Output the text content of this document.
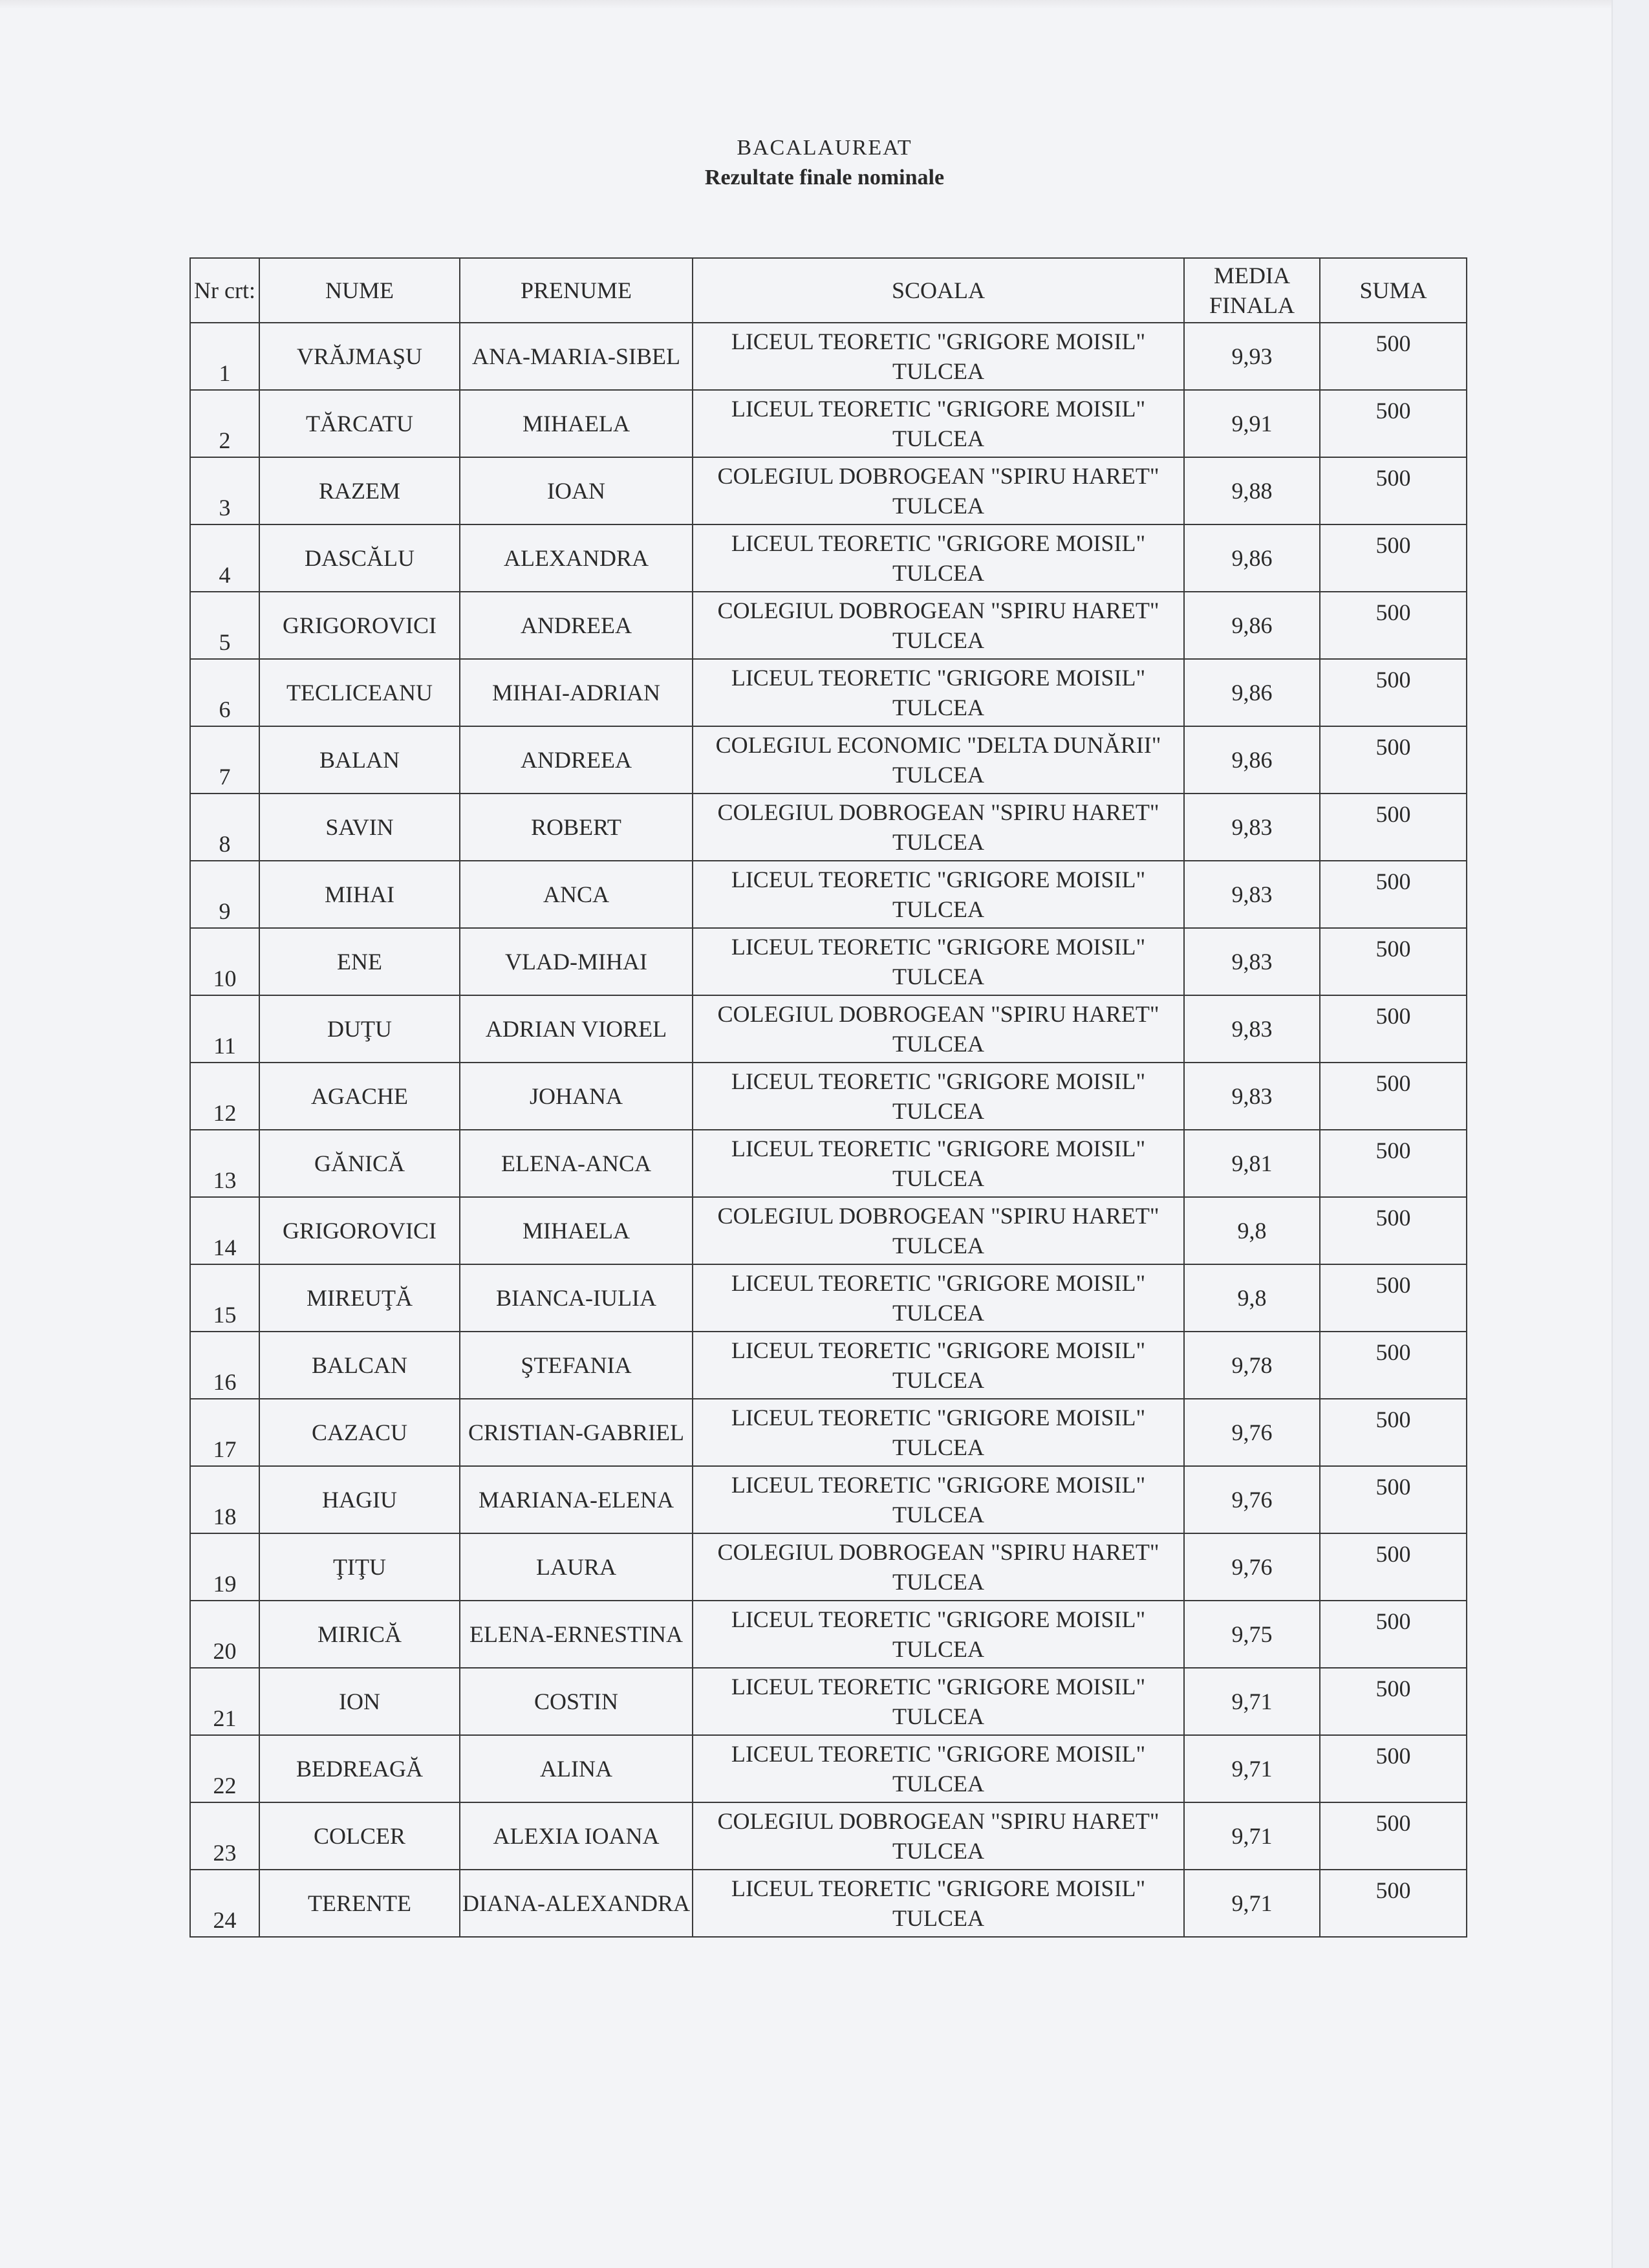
BACALAUREAT
Rezultate finale nominale
Nr crt:	NUME	PRENUME	SCOALA	MEDIA FINALA	SUMA
1	VRĂJMAŞU	ANA-MARIA-SIBEL	LICEUL TEORETIC "GRIGORE MOISIL" TULCEA	9,93	500
2	TĂRCATU	MIHAELA	LICEUL TEORETIC "GRIGORE MOISIL" TULCEA	9,91	500
3	RAZEM	IOAN	COLEGIUL DOBROGEAN "SPIRU HARET" TULCEA	9,88	500
4	DASCĂLU	ALEXANDRA	LICEUL TEORETIC "GRIGORE MOISIL" TULCEA	9,86	500
5	GRIGOROVICI	ANDREEA	COLEGIUL DOBROGEAN "SPIRU HARET" TULCEA	9,86	500
6	TECLICEANU	MIHAI-ADRIAN	LICEUL TEORETIC "GRIGORE MOISIL" TULCEA	9,86	500
7	BALAN	ANDREEA	COLEGIUL ECONOMIC "DELTA DUNĂRII" TULCEA	9,86	500
8	SAVIN	ROBERT	COLEGIUL DOBROGEAN "SPIRU HARET" TULCEA	9,83	500
9	MIHAI	ANCA	LICEUL TEORETIC "GRIGORE MOISIL" TULCEA	9,83	500
10	ENE	VLAD-MIHAI	LICEUL TEORETIC "GRIGORE MOISIL" TULCEA	9,83	500
11	DUŢU	ADRIAN VIOREL	COLEGIUL DOBROGEAN "SPIRU HARET" TULCEA	9,83	500
12	AGACHE	JOHANA	LICEUL TEORETIC "GRIGORE MOISIL" TULCEA	9,83	500
13	GĂNICĂ	ELENA-ANCA	LICEUL TEORETIC "GRIGORE MOISIL" TULCEA	9,81	500
14	GRIGOROVICI	MIHAELA	COLEGIUL DOBROGEAN "SPIRU HARET" TULCEA	9,8	500
15	MIREUŢĂ	BIANCA-IULIA	LICEUL TEORETIC "GRIGORE MOISIL" TULCEA	9,8	500
16	BALCAN	ŞTEFANIA	LICEUL TEORETIC "GRIGORE MOISIL" TULCEA	9,78	500
17	CAZACU	CRISTIAN-GABRIEL	LICEUL TEORETIC "GRIGORE MOISIL" TULCEA	9,76	500
18	HAGIU	MARIANA-ELENA	LICEUL TEORETIC "GRIGORE MOISIL" TULCEA	9,76	500
19	ŢIŢU	LAURA	COLEGIUL DOBROGEAN "SPIRU HARET" TULCEA	9,76	500
20	MIRICĂ	ELENA-ERNESTINA	LICEUL TEORETIC "GRIGORE MOISIL" TULCEA	9,75	500
21	ION	COSTIN	LICEUL TEORETIC "GRIGORE MOISIL" TULCEA	9,71	500
22	BEDREAGĂ	ALINA	LICEUL TEORETIC "GRIGORE MOISIL" TULCEA	9,71	500
23	COLCER	ALEXIA IOANA	COLEGIUL DOBROGEAN "SPIRU HARET" TULCEA	9,71	500
24	TERENTE	DIANA-ALEXANDRA	LICEUL TEORETIC "GRIGORE MOISIL" TULCEA	9,71	500
